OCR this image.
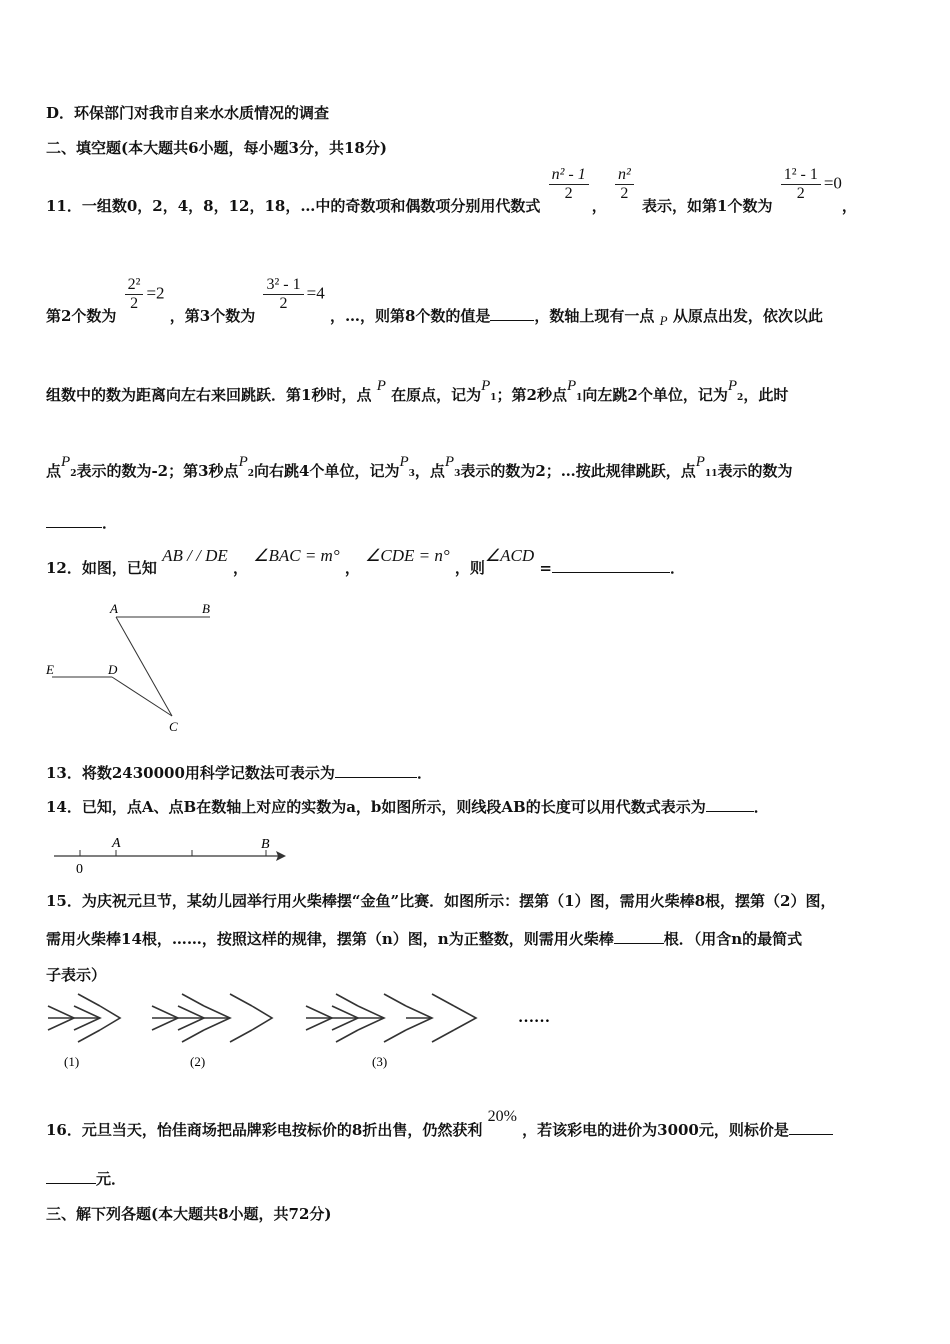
D．环保部门对我市自来水水质情况的调查
二、填空题(本大题共6小题，每小题3分，共18分)
11．一组数0，2，4，8，12，18，…中的奇数项和偶数项分别用代数式
$\frac{\text{n² - 1}}{2}$
，
$\frac{\text{n²}}{2}$
表示，如第1个数为
$\frac{\text{1² - 1}}{2} =0$，
第2个数为
$\frac{\text{2²}}{2} =2$ ，第3个数为
$\frac{\text{3² - 1}}{2} =4$ ，…，则第8个数的值是	，数轴上现有一点 P 从原点出发，依次以此
组数中的数为距离向左右来回跳跃．第1秒时，点 P 在原点，记为P1；第2秒点P1向左跳2个单位，记为P2，此时
点P2表示的数为-2；第3秒点P2向右跳4个单位，记为P3，点P3表示的数为2；…按此规律跳跃，点P11表示的数为
．
12．如图，已知 AB / / DE ， ∠BAC = m° ， ∠CDE = n° ，则∠ACD =	．
A	B
E	D
C
13．将数2430000用科学记数法可表示为	．
14．已知，点A、点B在数轴上对应的实数为a，b如图所示，则线段AB的长度可以用代数式表示为	．
A	B
0
15．为庆祝元旦节，某幼儿园举行用火柴棒摆“金鱼”比赛．如图所示：摆第（1）图，需用火柴棒8根，摆第（2）图，
需用火柴棒14根，……，按照这样的规律，摆第（n）图，n为正整数，则需用火柴棒	根．（用含n的最简式
子表示）
(1)	(2)	(3)
……
16．元旦当天，怡佳商场把品牌彩电按标价的8折出售，仍然获利 20% ，若该彩电的进价为3000元，则标价是
元．
三、解下列各题(本大题共8小题，共72分)
